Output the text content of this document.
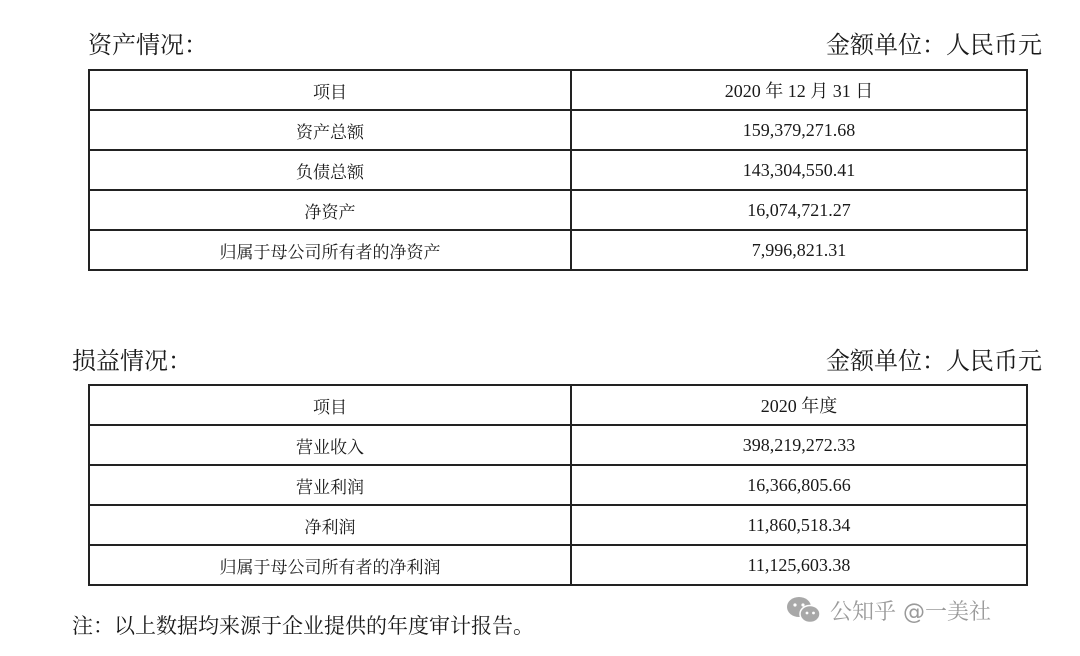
资产情况：	金额单位：人民币元
项目	2020 年 12 月 31 日
资产总额	159,379,271.68
负债总额	143,304,550.41
净资产	16,074,721.27
归属于母公司所有者的净资产	7,996,821.31
损益情况：	金额单位：人民币元
项目	2020 年度
营业收入	398,219,272.33
营业利润	16,366,805.66
净利润	11,860,518.34
归属于母公司所有者的净利润	11,125,603.38
注：以上数据均来源于企业提供的年度审计报告。
公知乎 @一美社
